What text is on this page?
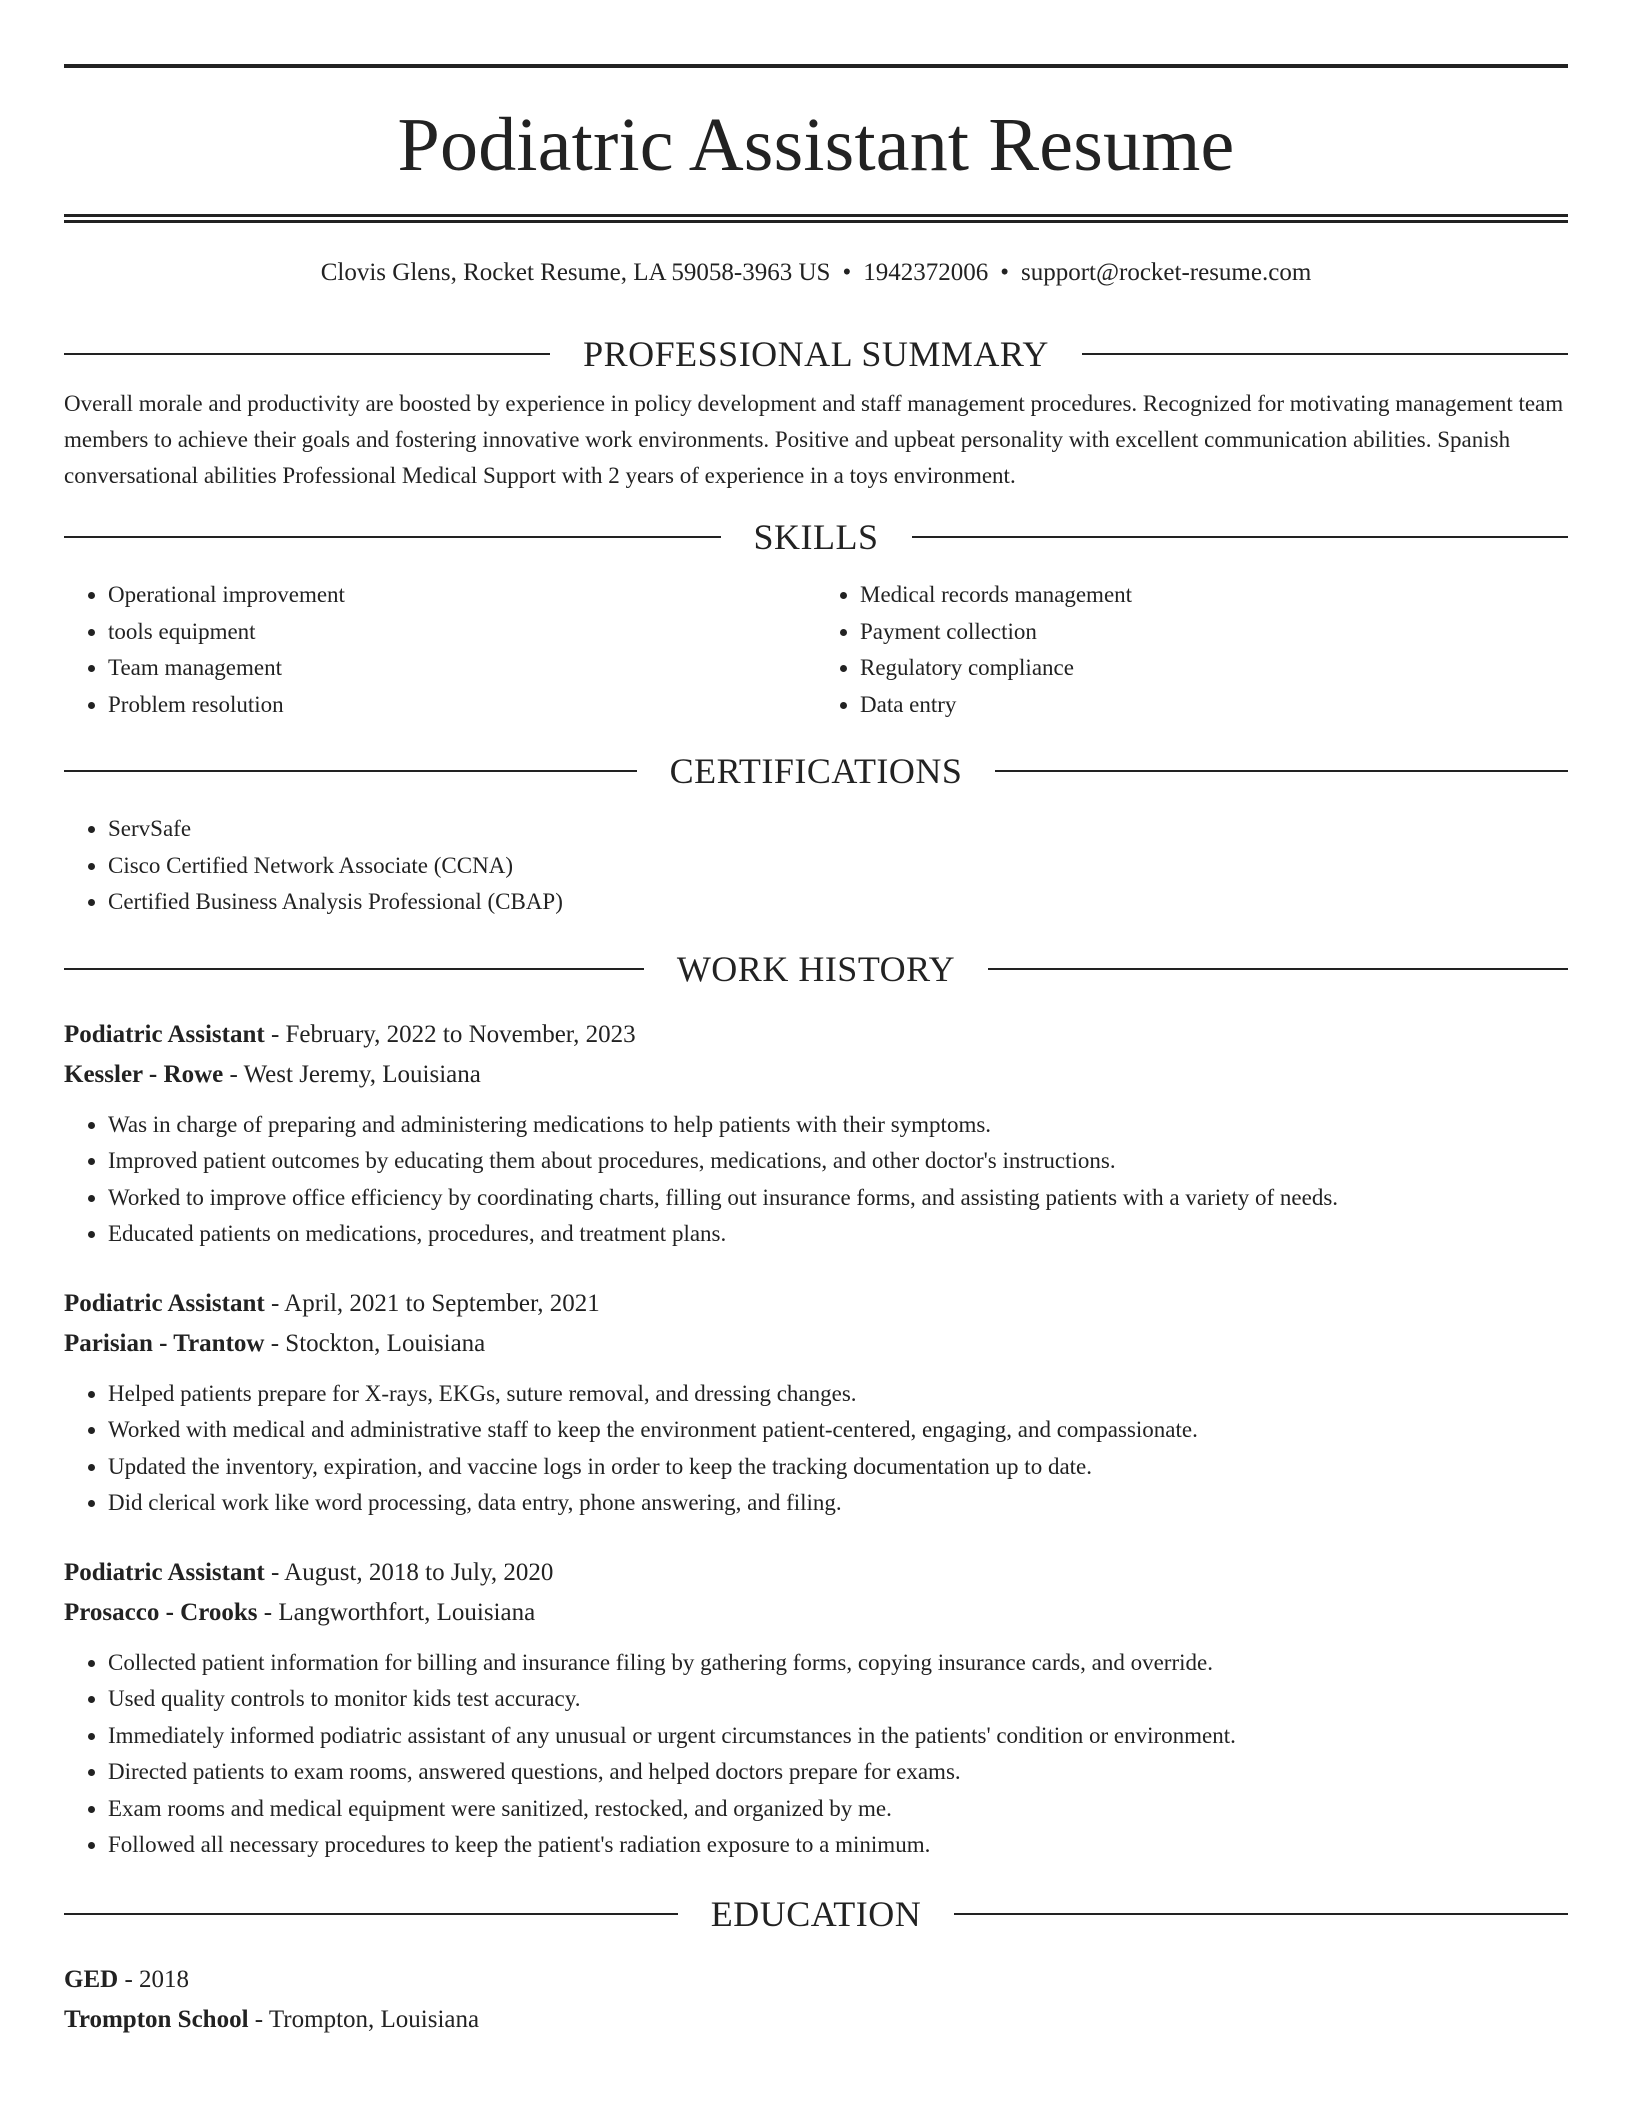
Podiatric Assistant Resume
Clovis Glens, Rocket Resume, LA 59058-3963 US • 1942372006 • support@rocket-resume.com
PROFESSIONAL SUMMARY

Overall morale and productivity are boosted by experience in policy development and staff management procedures. Recognized for motivating management team members to achieve their goals and fostering innovative work environments. Positive and upbeat personality with excellent communication abilities. Spanish conversational abilities Professional Medical Support with 2 years of experience in a toys environment.

SKILLS
• Operational improvement
• tools equipment
• Team management
• Problem resolution
• Medical records management
• Payment collection
• Regulatory compliance
• Data entry
CERTIFICATIONS
• ServSafe
• Cisco Certified Network Associate (CCNA)
• Certified Business Analysis Professional (CBAP)
WORK HISTORY
Podiatric Assistant - February, 2022 to November, 2023
Kessler - Rowe - West Jeremy, Louisiana
• Was in charge of preparing and administering medications to help patients with their symptoms.
• Improved patient outcomes by educating them about procedures, medications, and other doctor's instructions.
• Worked to improve office efficiency by coordinating charts, filling out insurance forms, and assisting patients with a variety of needs.
• Educated patients on medications, procedures, and treatment plans.
Podiatric Assistant - April, 2021 to September, 2021
Parisian - Trantow - Stockton, Louisiana
• Helped patients prepare for X-rays, EKGs, suture removal, and dressing changes.
• Worked with medical and administrative staff to keep the environment patient-centered, engaging, and compassionate.
• Updated the inventory, expiration, and vaccine logs in order to keep the tracking documentation up to date.
• Did clerical work like word processing, data entry, phone answering, and filing.
Podiatric Assistant - August, 2018 to July, 2020
Prosacco - Crooks - Langworthfort, Louisiana
• Collected patient information for billing and insurance filing by gathering forms, copying insurance cards, and override.
• Used quality controls to monitor kids test accuracy.
• Immediately informed podiatric assistant of any unusual or urgent circumstances in the patients' condition or environment.
• Directed patients to exam rooms, answered questions, and helped doctors prepare for exams.
• Exam rooms and medical equipment were sanitized, restocked, and organized by me.
• Followed all necessary procedures to keep the patient's radiation exposure to a minimum.
EDUCATION
GED - 2018
Trompton School - Trompton, Louisiana
